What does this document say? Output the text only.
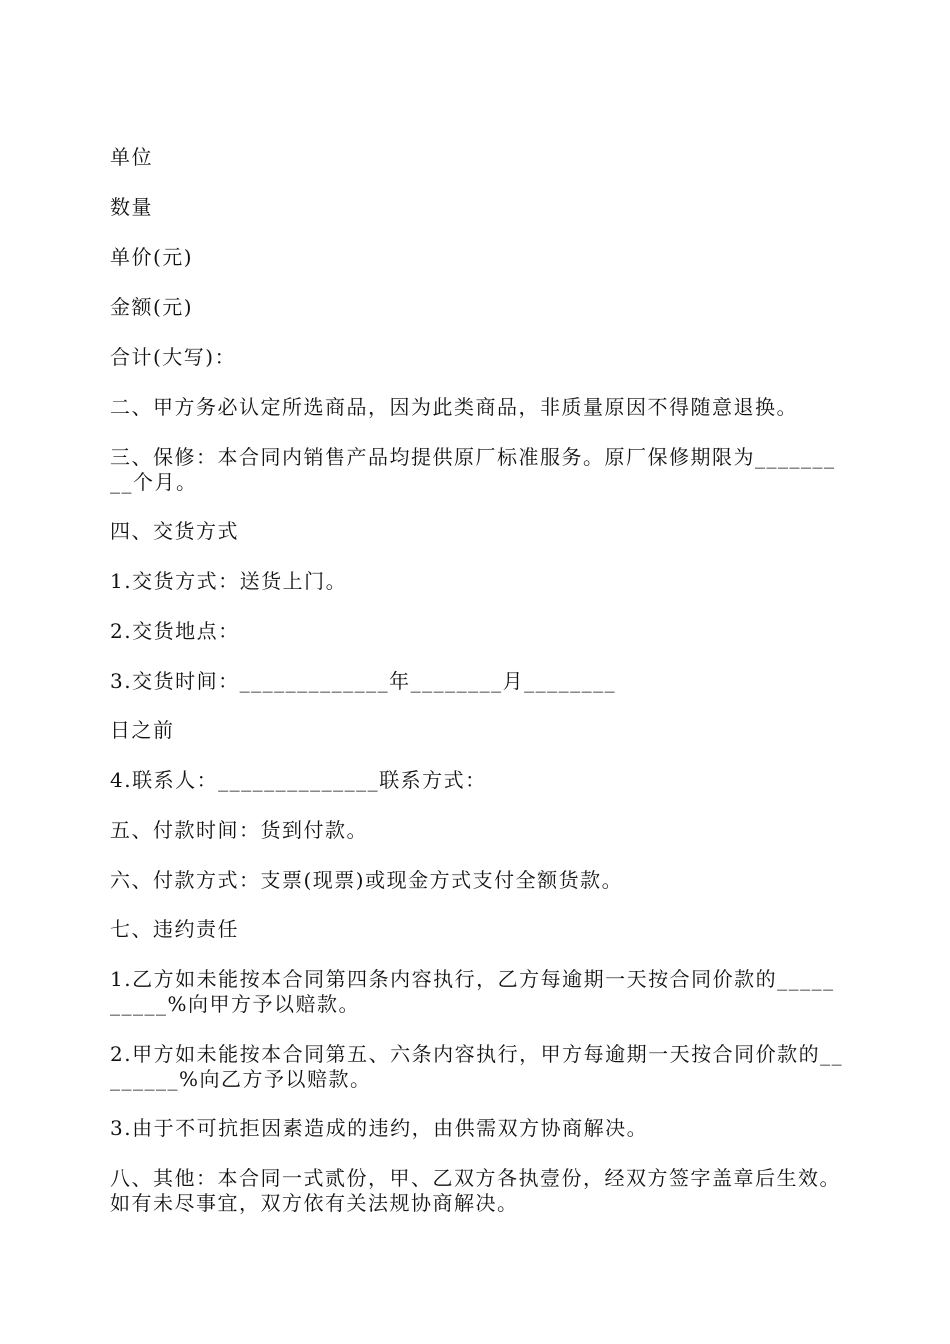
单位

数量

单价(元)

金额(元)

合计(大写)：

二、甲方务必认定所选商品，因为此类商品，非质量原因不得随意退换。

三、保修：本合同内销售产品均提供原厂标准服务。原厂保修期限为_________个月。

四、交货方式

1.交货方式：送货上门。

2.交货地点：

3.交货时间：_____________年________月________

日之前

4.联系人：______________联系方式：

五、付款时间：货到付款。

六、付款方式：支票(现票)或现金方式支付全额货款。

七、违约责任

1.乙方如未能按本合同第四条内容执行，乙方每逾期一天按合同价款的__________%向甲方予以赔款。

2.甲方如未能按本合同第五、六条内容执行，甲方每逾期一天按合同价款的________%向乙方予以赔款。

3.由于不可抗拒因素造成的违约，由供需双方协商解决。

八、其他：本合同一式贰份，甲、乙双方各执壹份，经双方签字盖章后生效。如有未尽事宜，双方依有关法规协商解决。
